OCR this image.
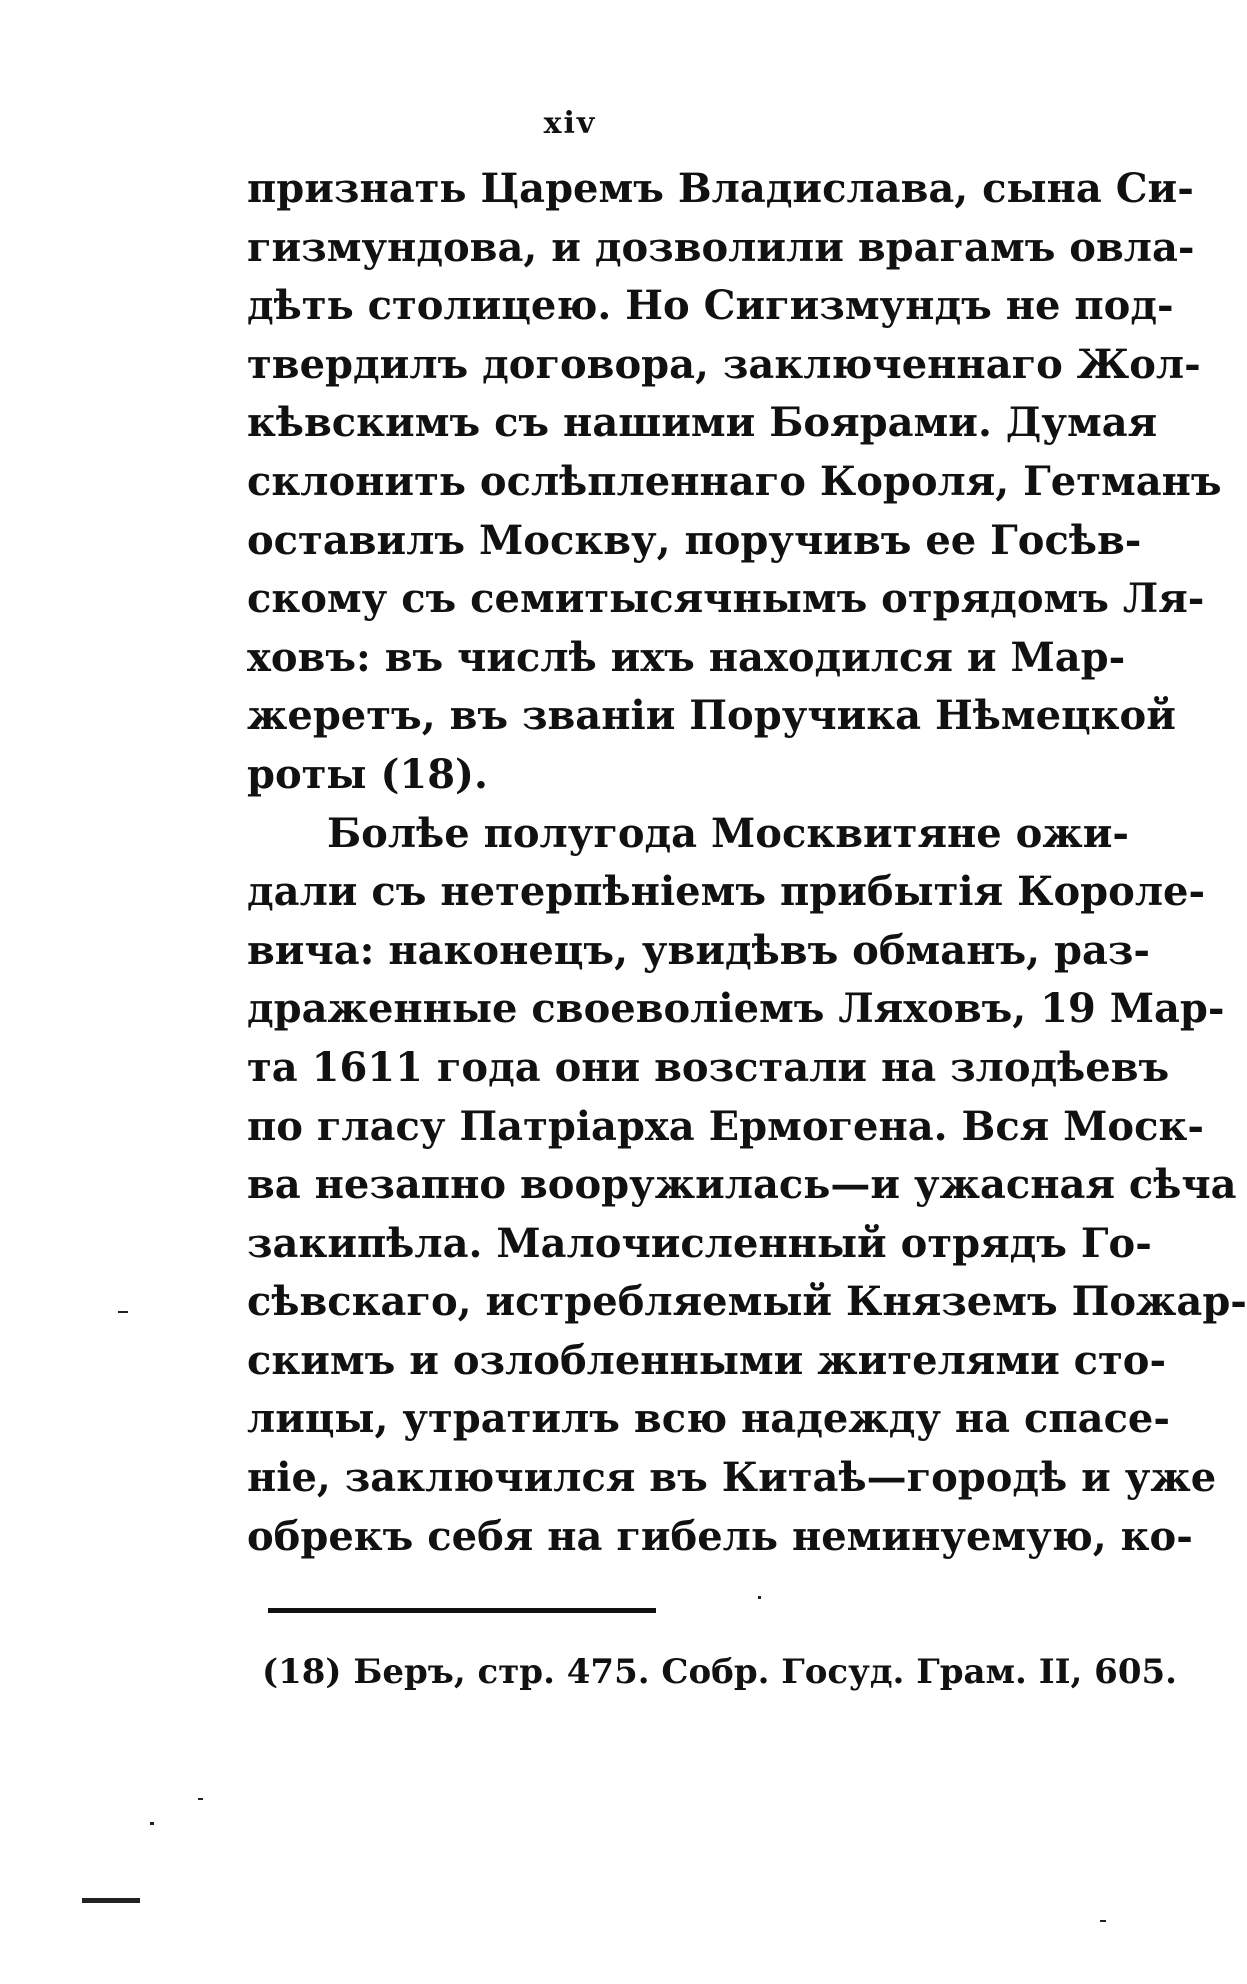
xiv
признать Царемъ Владислава, сына Си-
гизмундова, и дозволили врагамъ овла-
дѣть столицею. Но Сигизмундъ не под-
твердилъ договора, заключеннаго Жол-
кѣвскимъ съ нашими Боярами. Думая
склонить ослѣпленнаго Короля, Гетманъ
оставилъ Москву, поручивъ ее Госѣв-
скому съ семитысячнымъ отрядомъ Ля-
ховъ: въ числѣ ихъ находился и Мар-
жеретъ, въ званіи Поручика Нѣмецкой
роты (18).
Болѣе полугода Москвитяне ожи-
дали съ нетерпѣніемъ прибытія Короле-
вича: наконецъ, увидѣвъ обманъ, раз-
драженные своеволіемъ Ляховъ, 19 Мар-
та 1611 года они возстали на злодѣевъ
по гласу Патріарха Ермогена. Вся Моск-
ва незапно вооружилась—и ужасная сѣча
закипѣла. Малочисленный отрядъ Го-
сѣвскаго, истребляемый Княземъ Пожар-
скимъ и озлобленными жителями сто-
лицы, утратилъ всю надежду на спасе-
ніе, заключился въ Китаѣ—городѣ и уже
обрекъ себя на гибель неминуемую, ко-
(18) Беръ, стр. 475. Собр. Госуд. Грам. II, 605.
